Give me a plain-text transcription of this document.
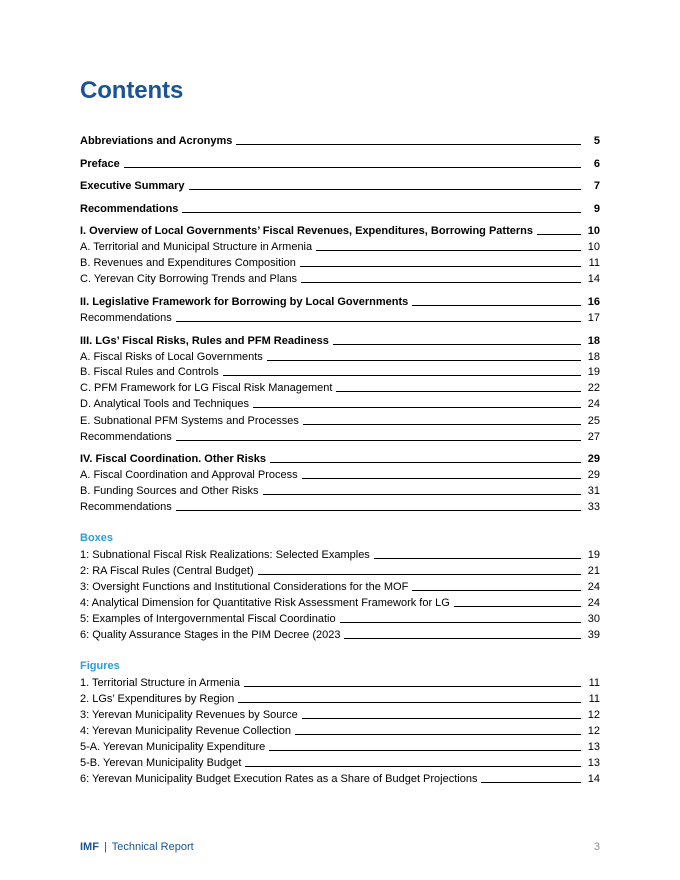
Contents
Abbreviations and Acronyms	5
Preface	6
Executive Summary	7
Recommendations	9
I. Overview of Local Governments’ Fiscal Revenues, Expenditures, Borrowing Patterns	10
A. Territorial and Municipal Structure in Armenia	10
B. Revenues and Expenditures Composition	11
C. Yerevan City Borrowing Trends and Plans	14
II. Legislative Framework for Borrowing by Local Governments	16
Recommendations	17
III. LGs’ Fiscal Risks, Rules and PFM Readiness	18
A. Fiscal Risks of Local Governments	18
B. Fiscal Rules and Controls	19
C. PFM Framework for LG Fiscal Risk Management	22
D. Analytical Tools and Techniques	24
E. Subnational PFM Systems and Processes	25
Recommendations	27
IV. Fiscal Coordination. Other Risks	29
A. Fiscal Coordination and Approval Process	29
B. Funding Sources and Other Risks	31
Recommendations	33
Boxes
1: Subnational Fiscal Risk Realizations: Selected Examples	19
2: RA Fiscal Rules (Central Budget)	21
3: Oversight Functions and Institutional Considerations for the MOF	24
4: Analytical Dimension for Quantitative Risk Assessment Framework for LG	24
5: Examples of Intergovernmental Fiscal Coordinatio	30
6: Quality Assurance Stages in the PIM Decree (2023	39
Figures
1. Territorial Structure in Armenia	11
2. LGs’ Expenditures by Region	11
3: Yerevan Municipality Revenues by Source	12
4: Yerevan Municipality Revenue Collection	12
5-A. Yerevan Municipality Expenditure	13
5-B. Yerevan Municipality Budget	13
6: Yerevan Municipality Budget Execution Rates as a Share of Budget Projections	14
IMF | Technical Report	3
